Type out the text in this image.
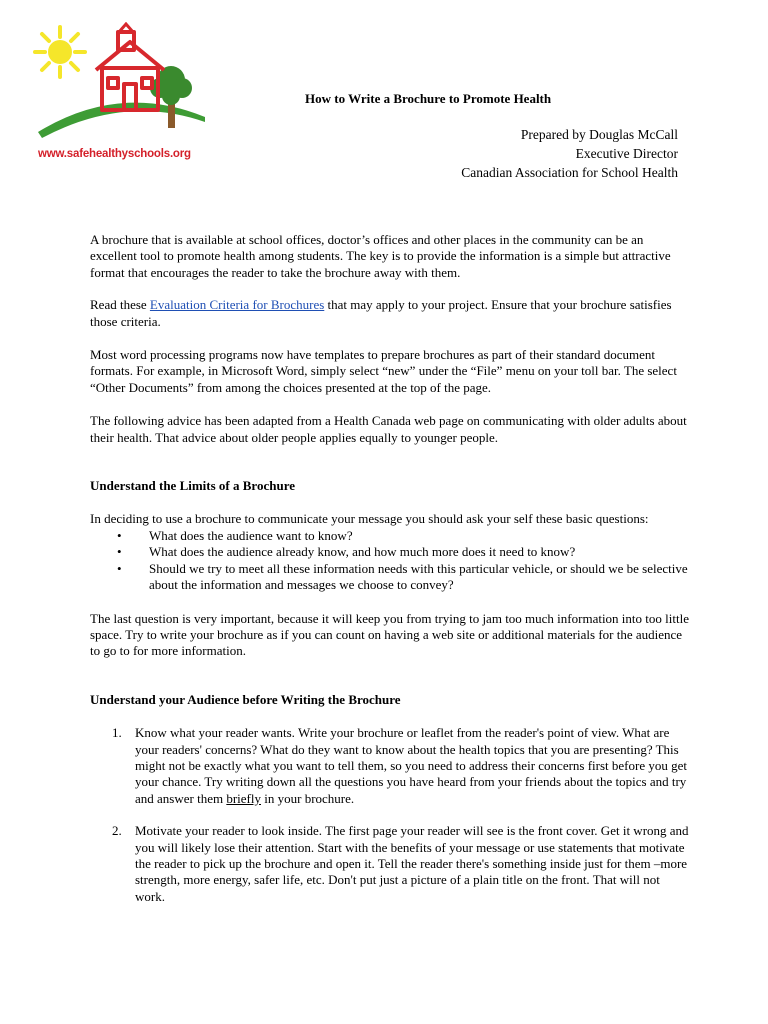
www.safehealthyschools.org
How to Write a Brochure to Promote Health
Prepared by Douglas McCall
Executive Director
Canadian Association for School Health

A brochure that is available at school offices, doctor’s offices and other places in the community can be an excellent tool to promote health among students. The key is to provide the information is a simple but attractive format that encourages the reader to take the brochure away with them.

Read these Evaluation Criteria for Brochures that may apply to your project. Ensure that your brochure satisfies those criteria.

Most word processing programs now have templates to prepare brochures as part of their standard document formats. For example, in Microsoft Word, simply select “new” under the “File” menu on your toll bar. The select “Other Documents” from among the choices presented at the top of the page.

The following advice has been adapted from a Health Canada web page on communicating with older adults about their health. That advice about older people applies equally to younger people.

Understand the Limits of a Brochure

In deciding to use a brochure to communicate your message you should ask your self these basic questions:

• What does the audience want to know?
• What does the audience already know, and how much more does it need to know?
• Should we try to meet all these information needs with this particular vehicle, or should we be selective about the information and messages we choose to convey?

The last question is very important, because it will keep you from trying to jam too much information into too little space. Try to write your brochure as if you can count on having a web site or additional materials for the audience to go to for more information.

Understand your Audience before Writing the Brochure

1. Know what your reader wants. Write your brochure or leaflet from the reader's point of view. What are your readers' concerns? What do they want to know about the health topics that you are presenting? This might not be exactly what you want to tell them, so you need to address their concerns first before you get your chance. Try writing down all the questions you have heard from your friends about the topics and try and answer them briefly in your brochure.
2. Motivate your reader to look inside. The first page your reader will see is the front cover. Get it wrong and you will likely lose their attention. Start with the benefits of your message or use statements that motivate the reader to pick up the brochure and open it. Tell the reader there's something inside just for them –more strength, more energy, safer life, etc. Don't put just a picture of a plain title on the front. That will not work.
